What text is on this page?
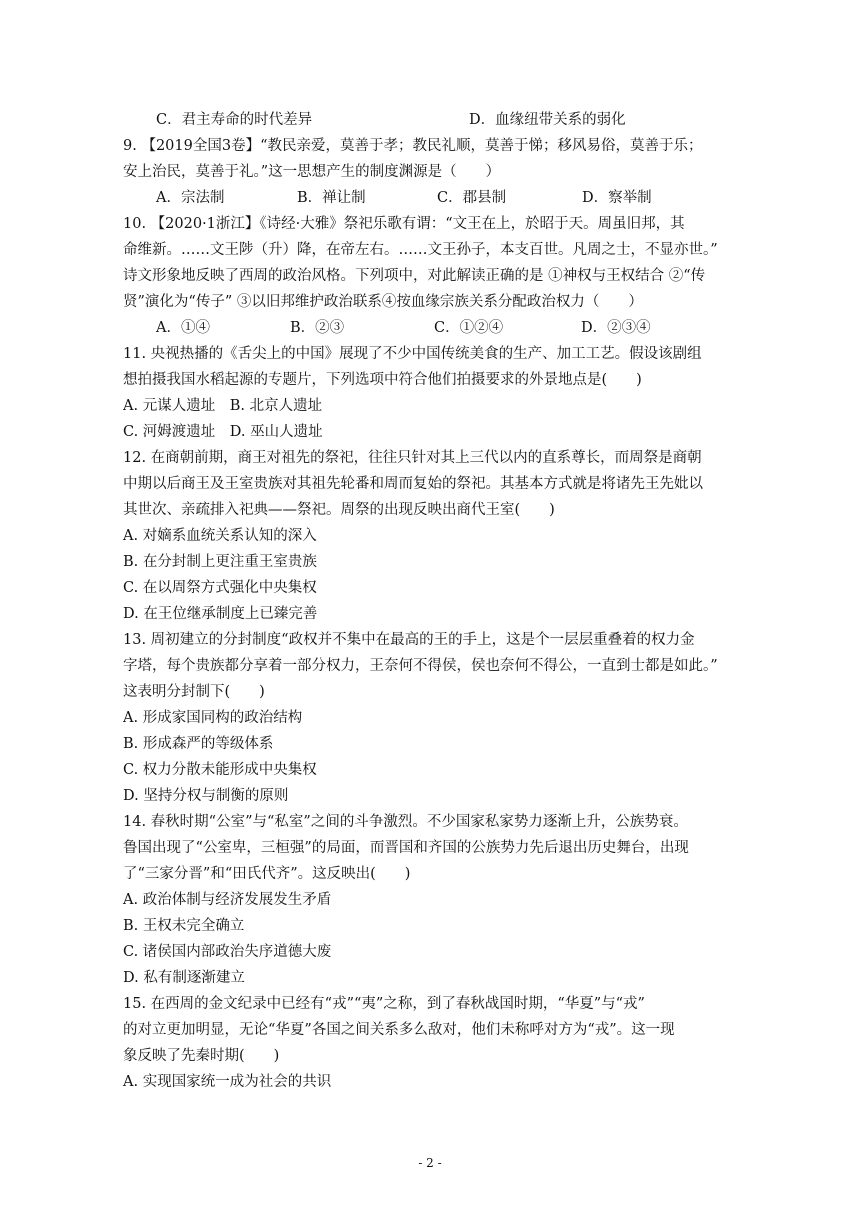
C．君主寿命的时代差异	D．血缘纽带关系的弱化
9. 【2019全国3卷】“教民亲爱，莫善于孝；教民礼顺，莫善于悌；移风易俗，莫善于乐；
安上治民，莫善于礼。”这一思想产生的制度渊源是（　　）
A．宗法制	B．禅让制	C．郡县制	D．察举制
10. 【2020·1浙江】《诗经·大雅》祭祀乐歌有谓：“文王在上，於昭于天。周虽旧邦，其
命维新。……文王陟（升）降，在帝左右。……文王孙子，本支百世。凡周之士，不显亦世。”
诗文形象地反映了西周的政治风格。下列项中，对此解读正确的是 ①神权与王权结合 ②“传
贤”演化为“传子” ③以旧邦维护政治联系④按血缘宗族关系分配政治权力（　　）
A．①④	B．②③	C．①②④	D．②③④
11. 央视热播的《舌尖上的中国》展现了不少中国传统美食的生产、加工工艺。假设该剧组
想拍摄我国水稻起源的专题片，下列选项中符合他们拍摄要求的外景地点是(　　)
A. 元谋人遗址　B. 北京人遗址
C. 河姆渡遗址　D. 巫山人遗址
12. 在商朝前期，商王对祖先的祭祀，往往只针对其上三代以内的直系尊长，而周祭是商朝
中期以后商王及王室贵族对其祖先轮番和周而复始的祭祀。其基本方式就是将诸先王先妣以
其世次、亲疏排入祀典——祭祀。周祭的出现反映出商代王室(　　)
A. 对嫡系血统关系认知的深入
B. 在分封制上更注重王室贵族
C. 在以周祭方式强化中央集权
D. 在王位继承制度上已臻完善
13. 周初建立的分封制度“政权并不集中在最高的王的手上，这是个一层层重叠着的权力金
字塔，每个贵族都分享着一部分权力，王奈何不得侯，侯也奈何不得公，一直到士都是如此。”
这表明分封制下(　　)
A. 形成家国同构的政治结构
B. 形成森严的等级体系
C. 权力分散未能形成中央集权
D. 坚持分权与制衡的原则
14. 春秋时期“公室”与“私室”之间的斗争激烈。不少国家私家势力逐渐上升，公族势衰。
鲁国出现了“公室卑，三桓强”的局面，而晋国和齐国的公族势力先后退出历史舞台，出现
了“三家分晋”和“田氏代齐”。这反映出(　　)
A. 政治体制与经济发展发生矛盾
B. 王权未完全确立
C. 诸侯国内部政治失序道德大废
D. 私有制逐渐建立
15. 在西周的金文纪录中已经有“戎”“夷”之称，到了春秋战国时期，“华夏”与“戎”
的对立更加明显，无论“华夏”各国之间关系多么敌对，他们未称呼对方为“戎”。这一现
象反映了先秦时期(　　)
A. 实现国家统一成为社会的共识
- 2 -
